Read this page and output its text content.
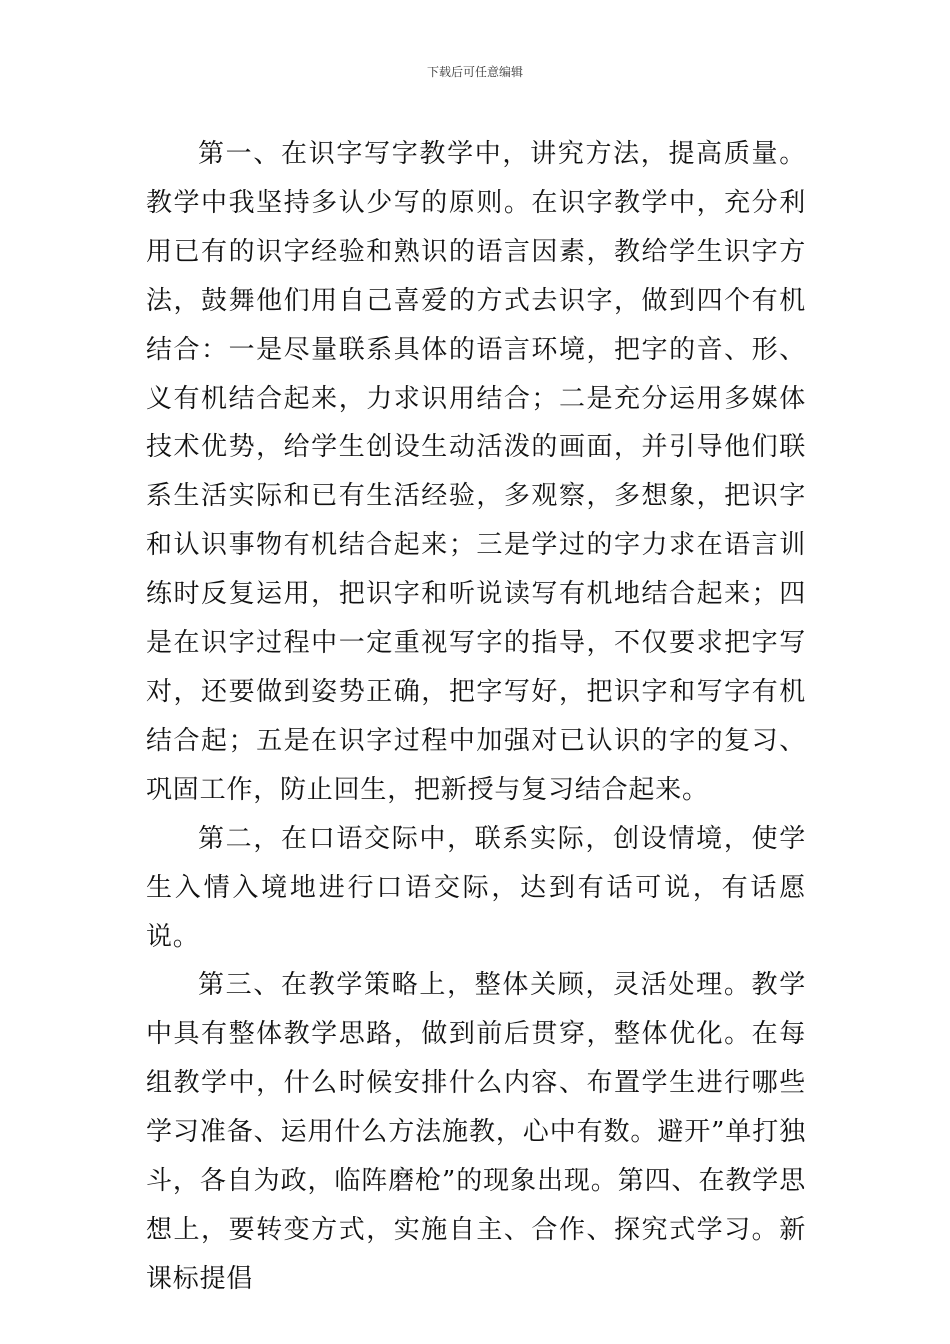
下载后可任意编辑

第一、在识字写字教学中，讲究方法，提高质量。教学中我坚持多认少写的原则。在识字教学中，充分利用已有的识字经验和熟识的语言因素，教给学生识字方法，鼓舞他们用自己喜爱的方式去识字，做到四个有机结合：一是尽量联系具体的语言环境，把字的音、形、义有机结合起来，力求识用结合；二是充分运用多媒体技术优势，给学生创设生动活泼的画面，并引导他们联系生活实际和已有生活经验，多观察，多想象，把识字和认识事物有机结合起来；三是学过的字力求在语言训练时反复运用，把识字和听说读写有机地结合起来；四是在识字过程中一定重视写字的指导，不仅要求把字写对，还要做到姿势正确，把字写好，把识字和写字有机结合起；五是在识字过程中加强对已认识的字的复习、巩固工作，防止回生，把新授与复习结合起来。

第二，在口语交际中，联系实际，创设情境，使学生入情入境地进行口语交际，达到有话可说，有话愿说。

第三、在教学策略上，整体关顾，灵活处理。教学中具有整体教学思路，做到前后贯穿，整体优化。在每组教学中，什么时候安排什么内容、布置学生进行哪些学习准备、运用什么方法施教，心中有数。避开”单打独斗，各自为政，临阵磨枪”的现象出现。第四、在教学思想上，要转变方式，实施自主、合作、探究式学习。新课标提倡
